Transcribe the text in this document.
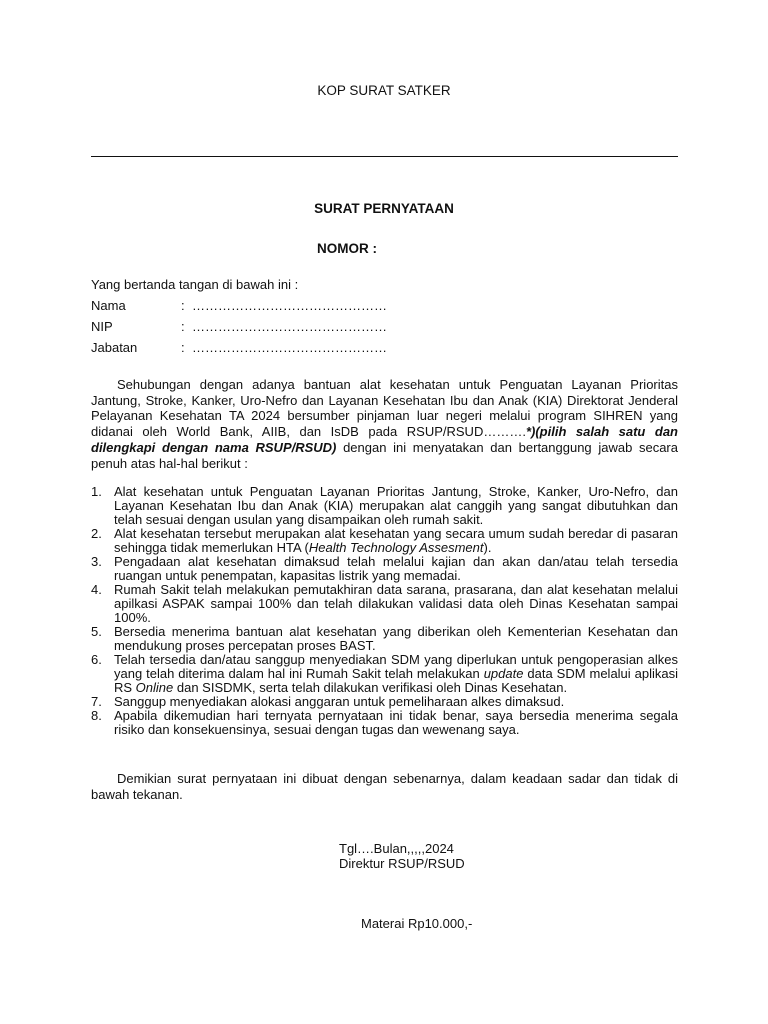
KOP SURAT SATKER
SURAT PERNYATAAN
NOMOR :
Yang bertanda tangan di bawah ini :
Nama	: ………………………………………
NIP	: ………………………………………
Jabatan	: ………………………………………
Sehubungan dengan adanya bantuan alat kesehatan untuk Penguatan Layanan Prioritas Jantung, Stroke, Kanker, Uro-Nefro dan Layanan Kesehatan Ibu dan Anak (KIA) Direktorat Jenderal Pelayanan Kesehatan TA 2024 bersumber pinjaman luar negeri melalui program SIHREN yang didanai oleh World Bank, AIIB, dan IsDB pada RSUP/RSUD……….*)(pilih salah satu dan dilengkapi dengan nama RSUP/RSUD) dengan ini menyatakan dan bertanggung jawab secara penuh atas hal-hal berikut :
1. Alat kesehatan untuk Penguatan Layanan Prioritas Jantung, Stroke, Kanker, Uro-Nefro, dan Layanan Kesehatan Ibu dan Anak (KIA) merupakan alat canggih yang sangat dibutuhkan dan telah sesuai dengan usulan yang disampaikan oleh rumah sakit.
2. Alat kesehatan tersebut merupakan alat kesehatan yang secara umum sudah beredar di pasaran sehingga tidak memerlukan HTA (Health Technology Assesment).
3. Pengadaan alat kesehatan dimaksud telah melalui kajian dan akan dan/atau telah tersedia ruangan untuk penempatan, kapasitas listrik yang memadai.
4. Rumah Sakit telah melakukan pemutakhiran data sarana, prasarana, dan alat kesehatan melalui apilkasi ASPAK sampai 100% dan telah dilakukan validasi data oleh Dinas Kesehatan sampai 100%.
5. Bersedia menerima bantuan alat kesehatan yang diberikan oleh Kementerian Kesehatan dan mendukung proses percepatan proses BAST.
6. Telah tersedia dan/atau sanggup menyediakan SDM yang diperlukan untuk pengoperasian alkes yang telah diterima dalam hal ini Rumah Sakit telah melakukan update data SDM melalui aplikasi RS Online dan SISDMK, serta telah dilakukan verifikasi oleh Dinas Kesehatan.
7. Sanggup menyediakan alokasi anggaran untuk pemeliharaan alkes dimaksud.
8. Apabila dikemudian hari ternyata pernyataan ini tidak benar, saya bersedia menerima segala risiko dan konsekuensinya, sesuai dengan tugas dan wewenang saya.
Demikian surat pernyataan ini dibuat dengan sebenarnya, dalam keadaan sadar dan tidak di bawah tekanan.
Tgl….Bulan,,,,,2024
Direktur RSUP/RSUD
Materai Rp10.000,-
